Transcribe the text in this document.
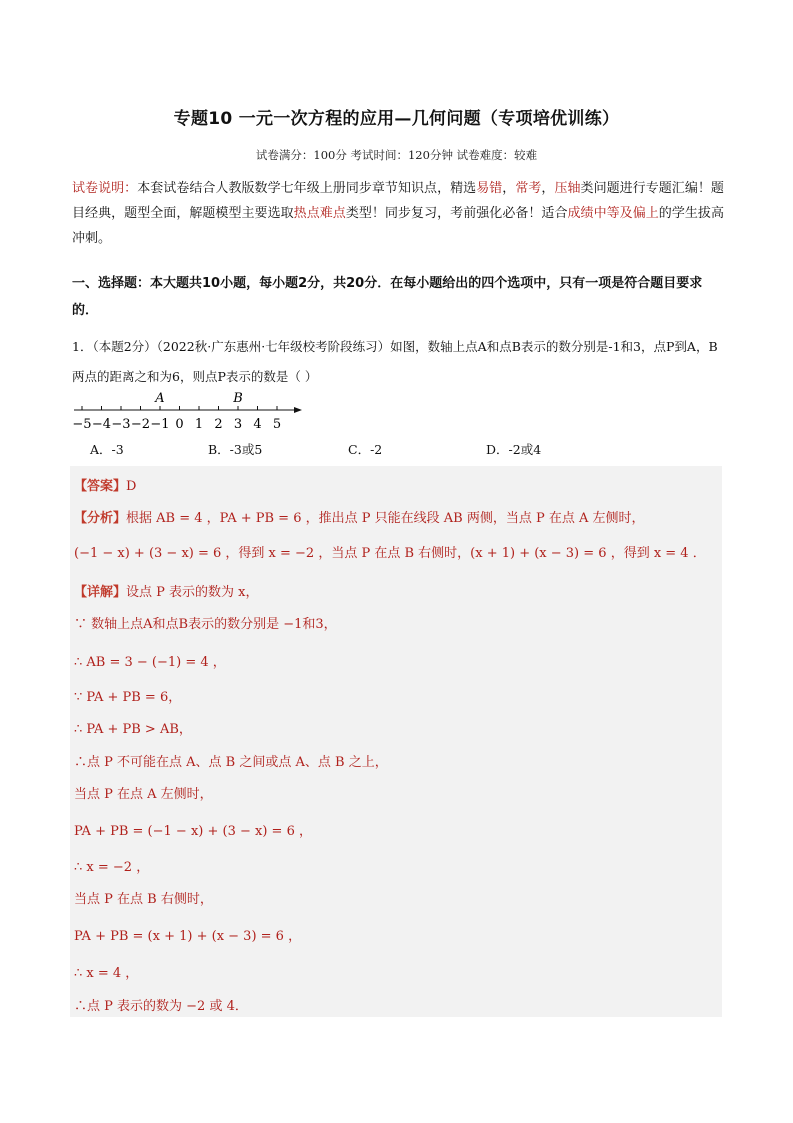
专题10 一元一次方程的应用—几何问题（专项培优训练）
试卷满分：100分 考试时间：120分钟 试卷难度：较难
试卷说明：本套试卷结合人教版数学七年级上册同步章节知识点，精选易错，常考，压轴类问题进行专题汇编！题目经典，题型全面，解题模型主要选取热点难点类型！同步复习，考前强化必备！适合成绩中等及偏上的学生拔高冲刺。
一、选择题：本大题共10小题，每小题2分，共20分．在每小题给出的四个选项中，只有一项是符合题目要求的．
1．（本题2分）（2022秋·广东惠州·七年级校考阶段练习）如图，数轴上点A和点B表示的数分别是-1和3，点P到A，B两点的距离之和为6，则点P表示的数是（ ）
−5 −4 −3 −2 −1 0 1 2 3 4 5
A	B
A．-3	B．-3或5	C．-2	D．-2或4
【答案】D
【分析】根据 AB = 4 ，PA + PB = 6 ，推出点 P 只能在线段 AB 两侧，当点 P 在点 A 左侧时，
(−1 − x) + (3 − x) = 6 ，得到 x = −2 ，当点 P 在点 B 右侧时，(x + 1) + (x − 3) = 6 ，得到 x = 4 ．
【详解】设点 P 表示的数为 x，
∵ 数轴上点A和点B表示的数分别是 −1和3，
∴ AB = 3 − (−1) = 4 ，
∵ PA + PB = 6，
∴ PA + PB > AB，
∴点 P 不可能在点 A、点 B 之间或点 A、点 B 之上，
当点 P 在点 A 左侧时，
PA + PB = (−1 − x) + (3 − x) = 6 ，
∴ x = −2 ，
当点 P 在点 B 右侧时，
PA + PB = (x + 1) + (x − 3) = 6 ，
∴ x = 4 ，
∴点 P 表示的数为 −2 或 4．
